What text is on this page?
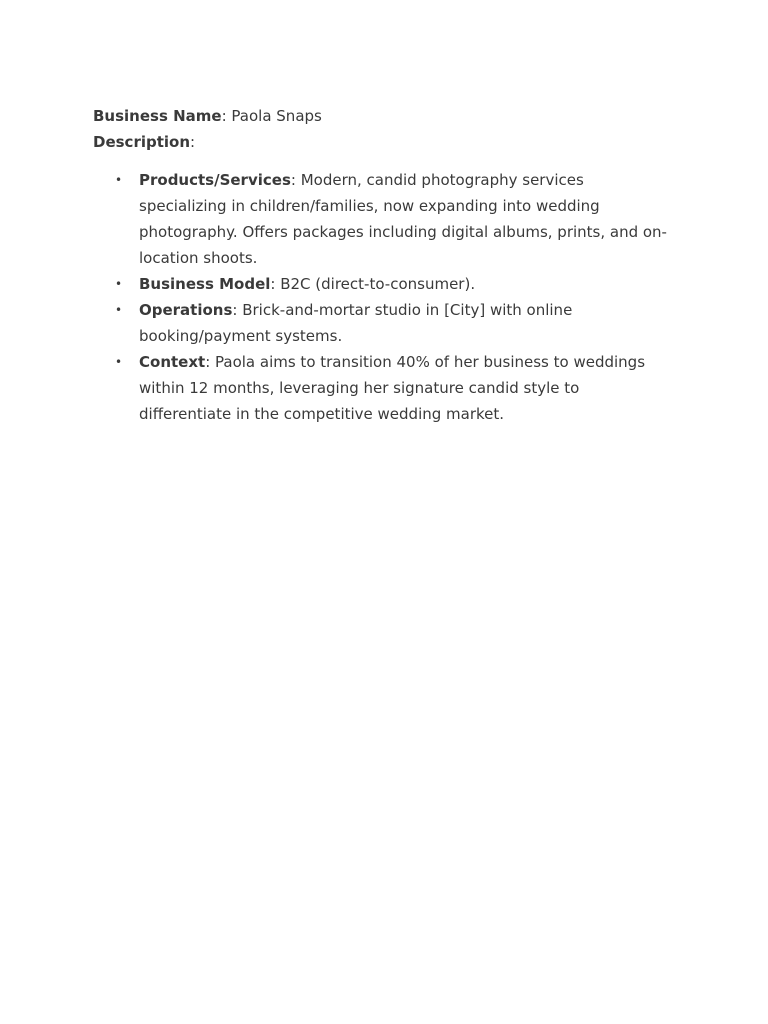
Business Name: Paola Snaps

Description:

• Products/Services: Modern, candid photography services specializing in children/families, now expanding into wedding photography. Offers packages including digital albums, prints, and on-location shoots.
• Business Model: B2C (direct-to-consumer).
• Operations: Brick-and-mortar studio in [City] with online booking/payment systems.
• Context: Paola aims to transition 40% of her business to weddings within 12 months, leveraging her signature candid style to differentiate in the competitive wedding market.
